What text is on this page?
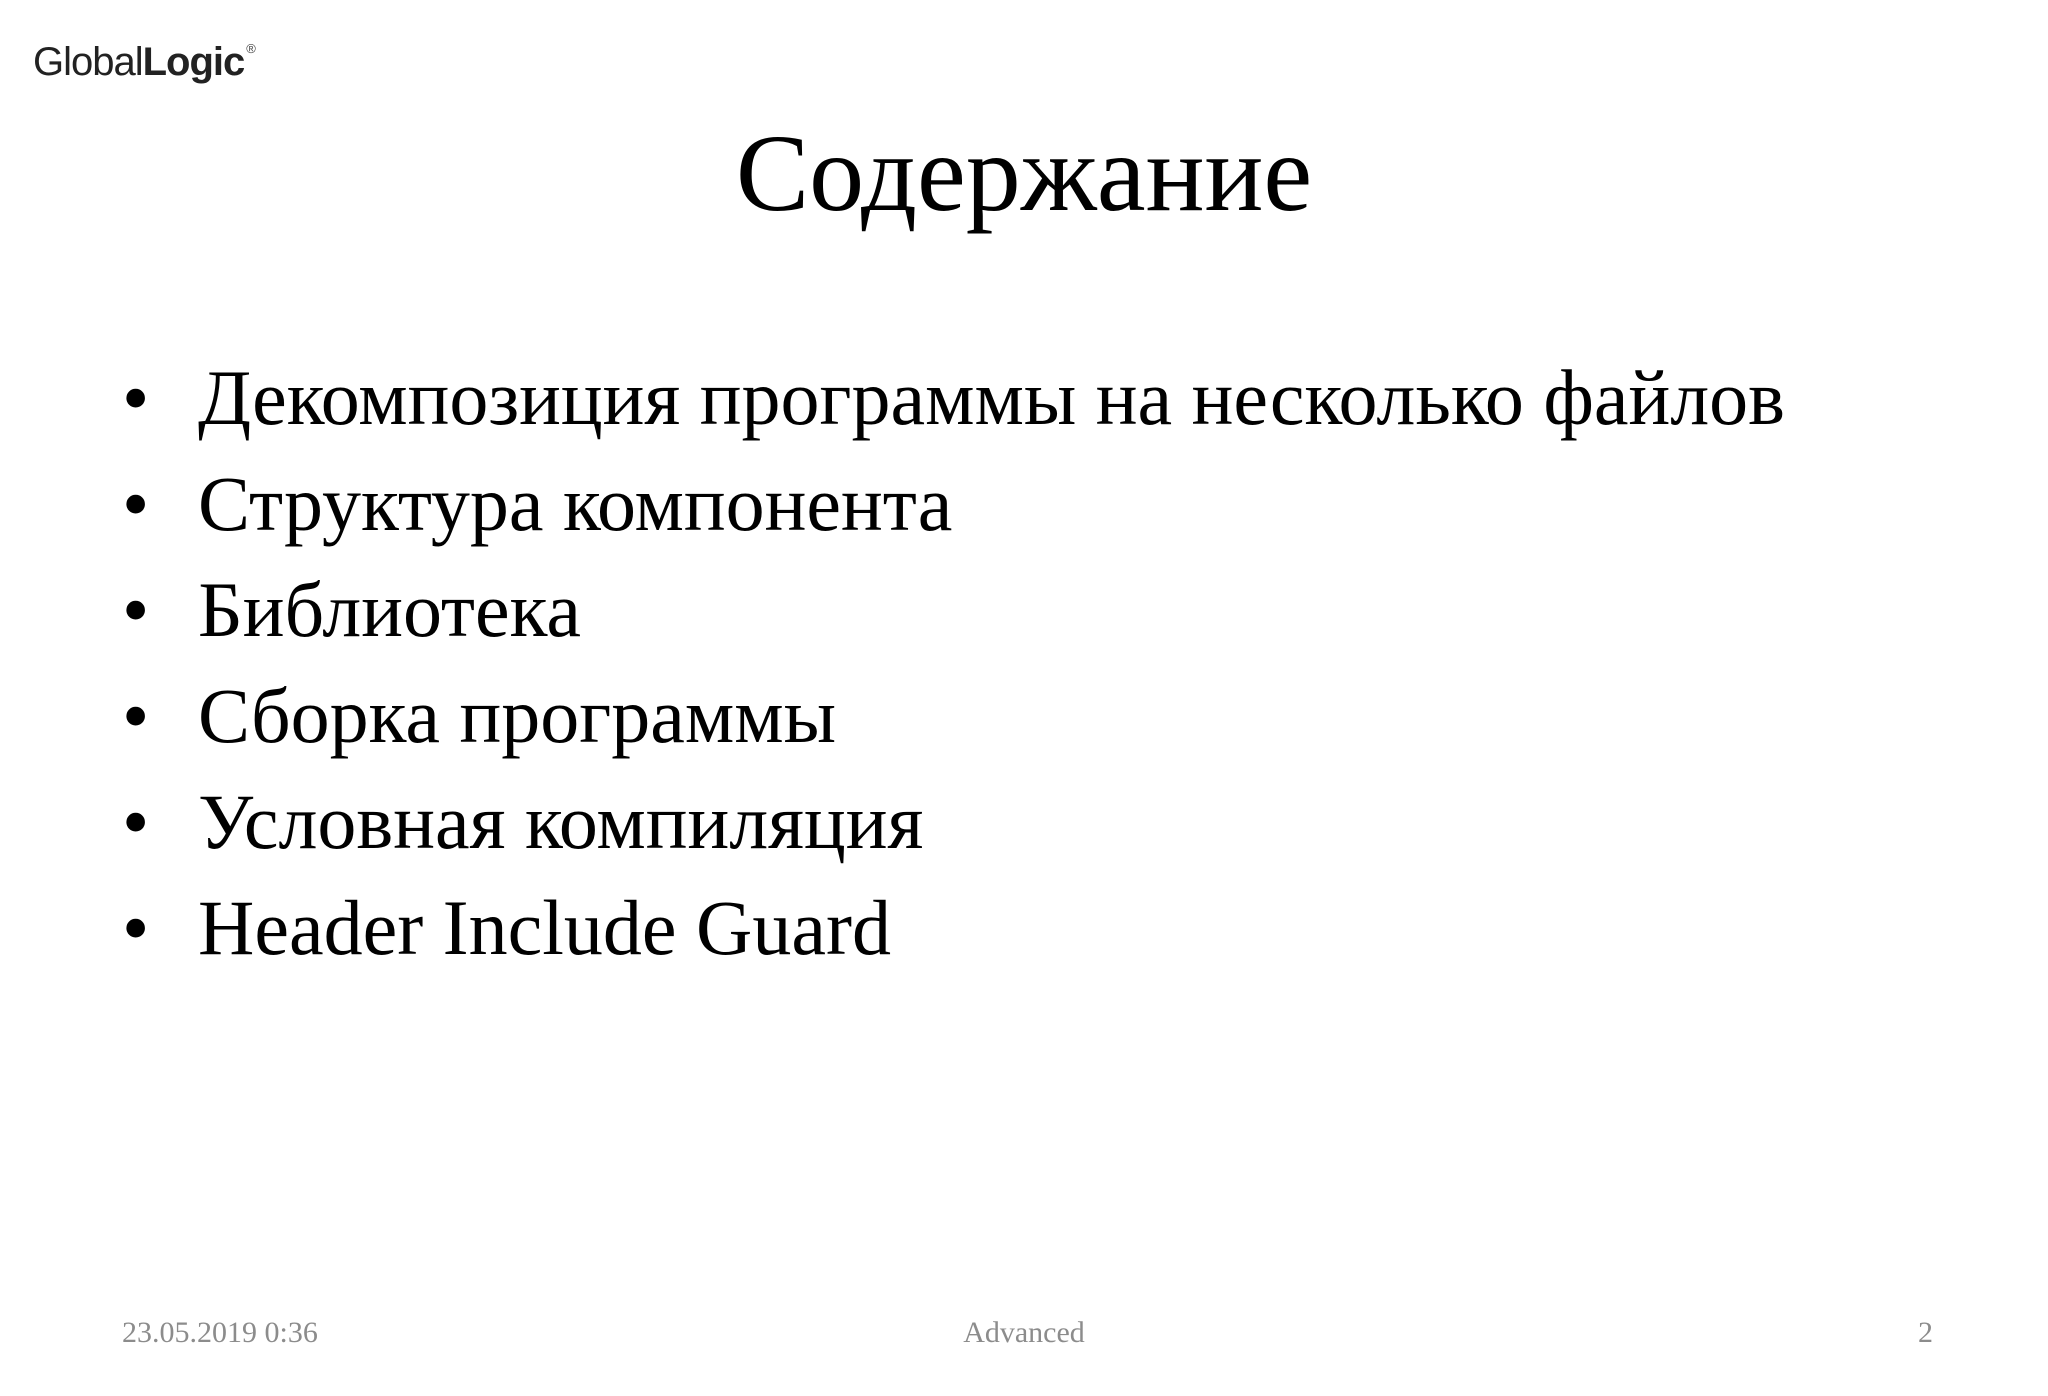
GlobalLogic ®
Содержание
• Декомпозиция программы на несколько файлов
• Структура компонента
• Библиотека
• Сборка программы
• Условная компиляция
• Header Include Guard
23.05.2019 0:36	Advanced	2
